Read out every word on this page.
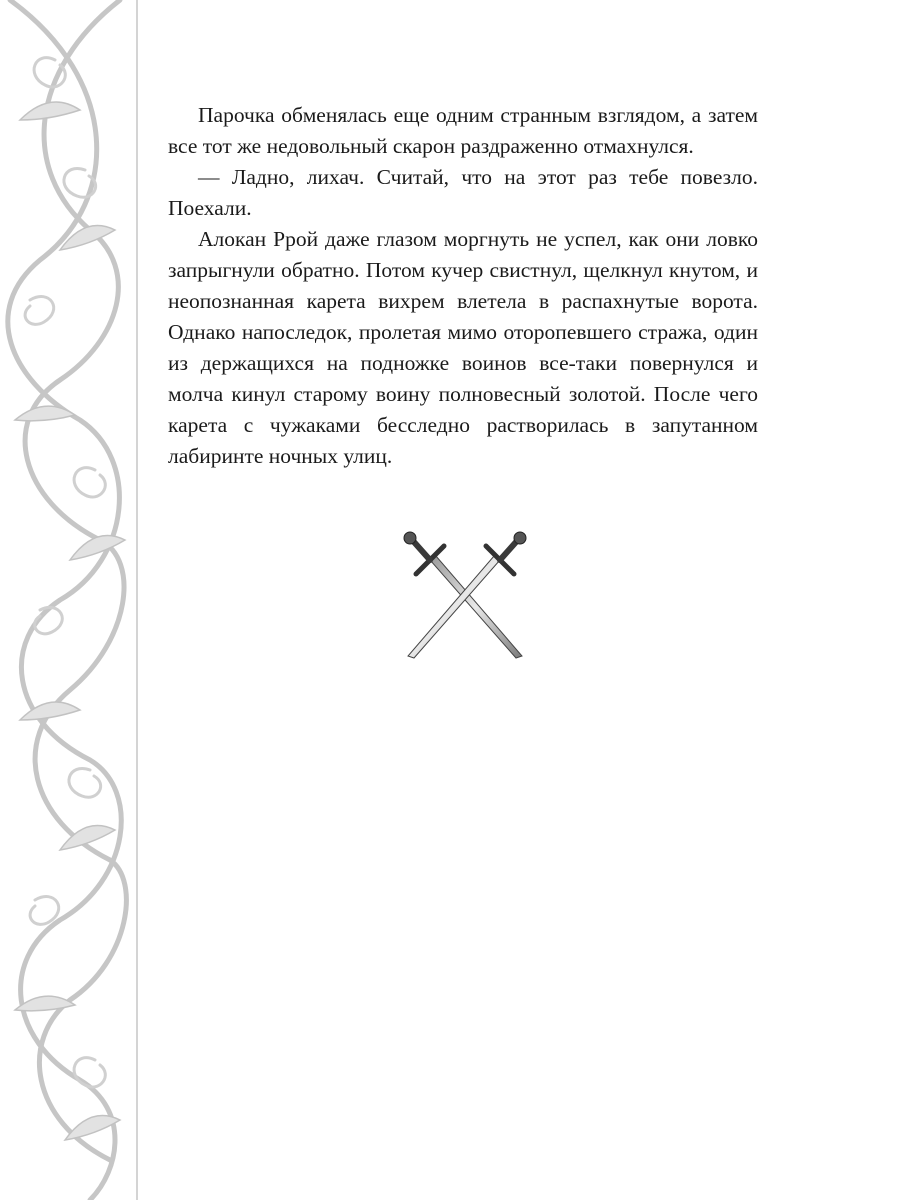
Парочка обменялась еще одним странным взглядом, а затем все тот же недовольный скарон раздраженно отмахнулся.

— Ладно, лихач. Считай, что на этот раз тебе повезло. Поехали.

Алокан Ррой даже глазом моргнуть не успел, как они ловко запрыгнули обратно. Потом кучер свистнул, щелкнул кнутом, и неопознанная карета вихрем влетела в распахнутые ворота. Однако напоследок, пролетая мимо оторопевшего стража, один из держащихся на подножке воинов все-таки повернулся и молча кинул старому воину полновесный золотой. После чего карета с чужаками бесследно растворилась в запутанном лабиринте ночных улиц.
